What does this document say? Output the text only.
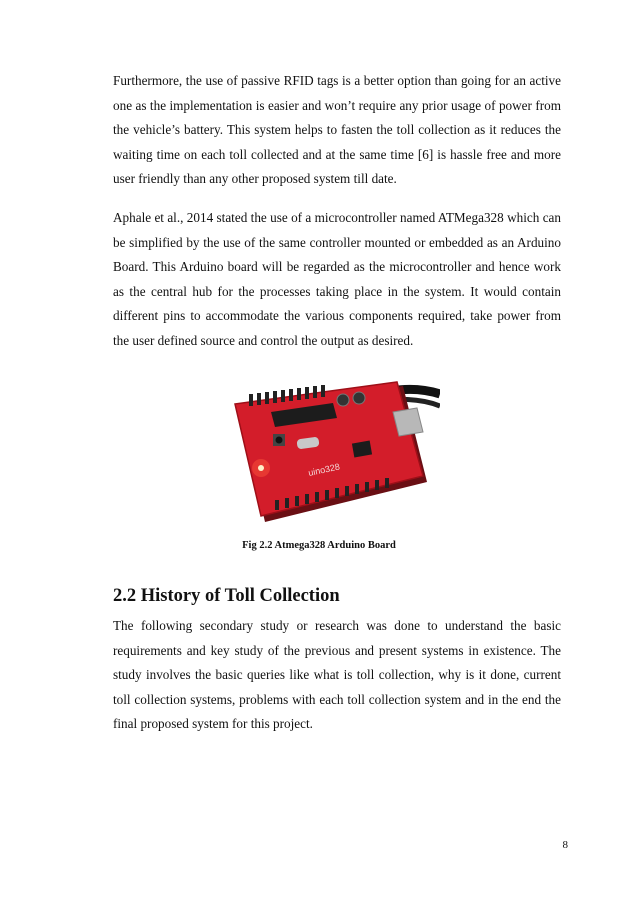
Furthermore, the use of passive RFID tags is a better option than going for an active one as the implementation is easier and won’t require any prior usage of power from the vehicle’s battery. This system helps to fasten the toll collection as it reduces the waiting time on each toll collected and at the same time [6] is hassle free and more user friendly than any other proposed system till date.

Aphale et al., 2014 stated the use of a microcontroller named ATMega328 which can be simplified by the use of the same controller mounted or embedded as an Arduino Board. This Arduino board will be regarded as the microcontroller and hence work as the central hub for the processes taking place in the system. It would contain different pins to accommodate the various components required, take power from the user defined source and control the output as desired.

uino328
Fig 2.2 Atmega328 Arduino Board
2.2 History of Toll Collection

The following secondary study or research was done to understand the basic requirements and key study of the previous and present systems in existence. The study involves the basic queries like what is toll collection, why is it done, current toll collection systems, problems with each toll collection system and in the end the final proposed system for this project.

8
